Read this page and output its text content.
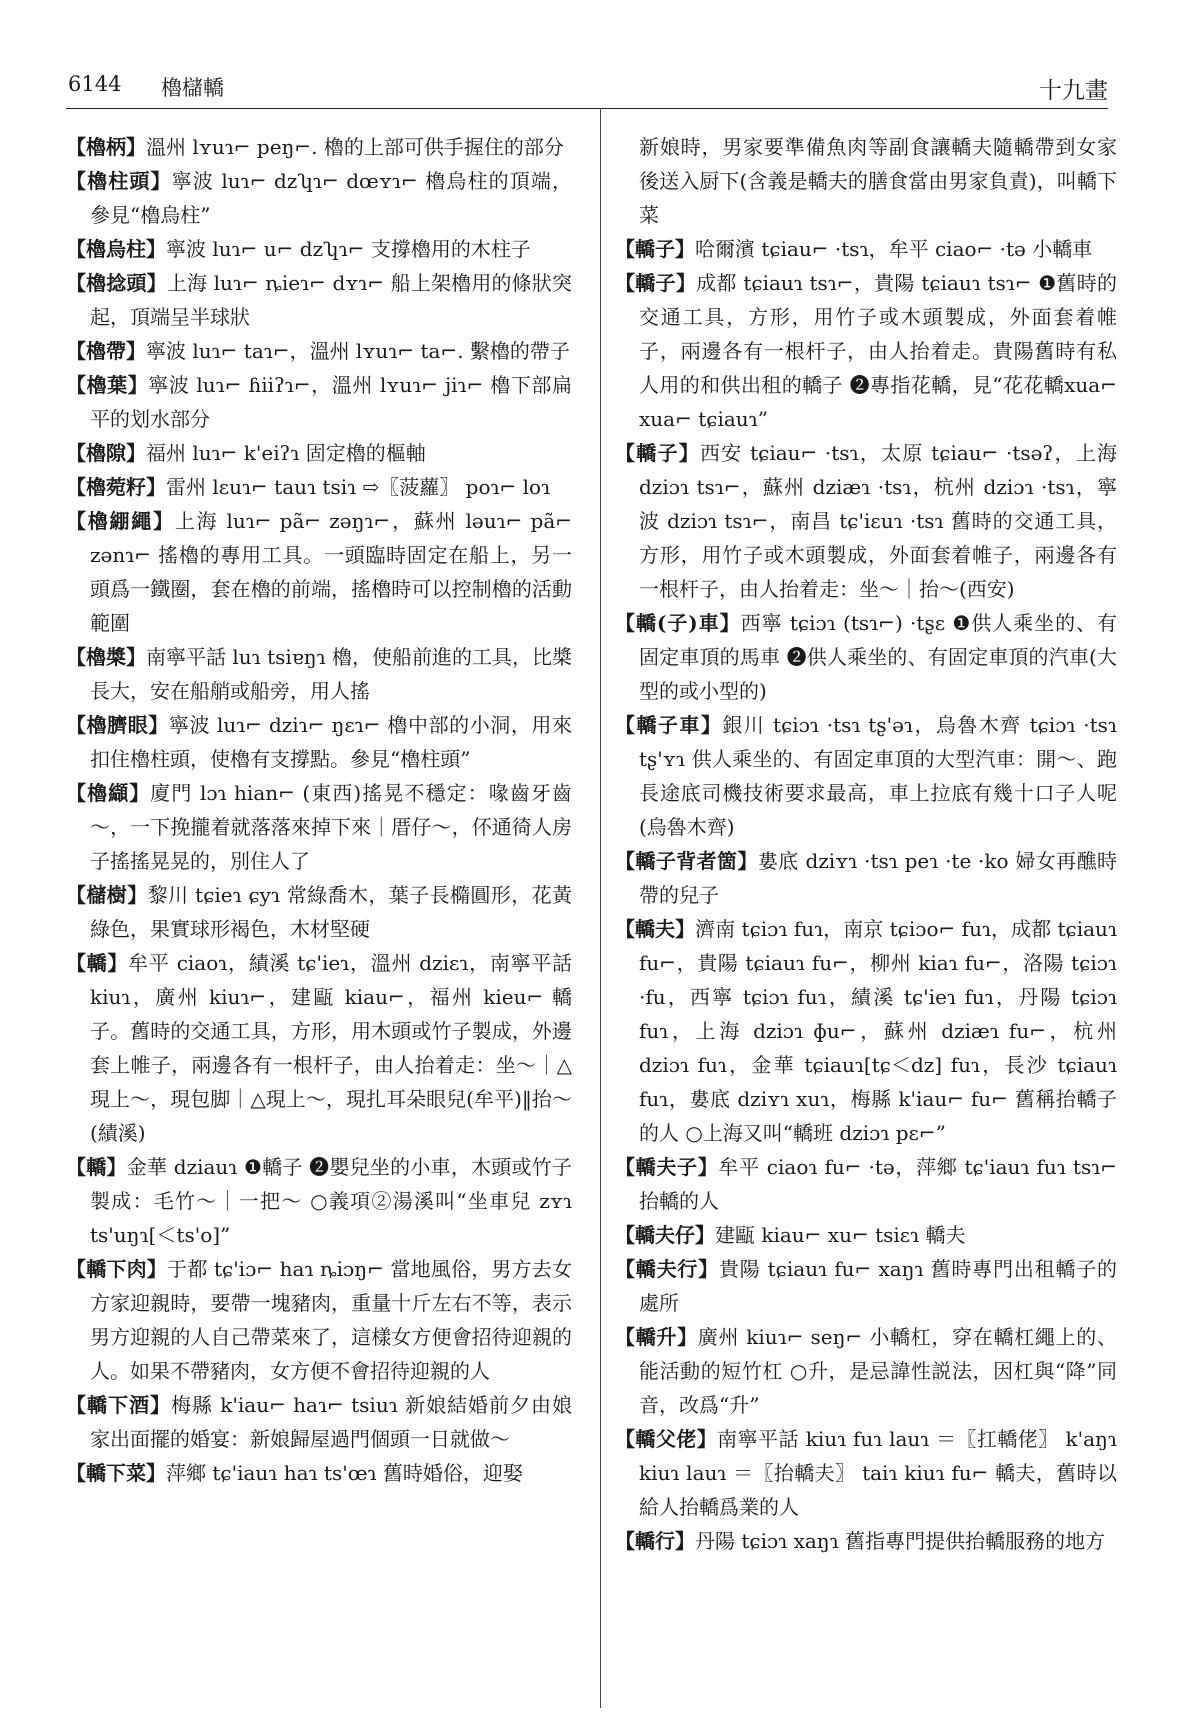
6144 櫓櫧轎	十九畫

【櫓柄】溫州 lʏuɿ⌐ peŋ⌐. 櫓的上部可供手握住的部分

【櫓柱頭】寧波 luɿ⌐ dzʮɿ⌐ dœʏɿ⌐ 櫓烏柱的頂端，參見“櫓烏柱”

【櫓烏柱】寧波 luɿ⌐ u⌐ dzʮɿ⌐ 支撐櫓用的木柱子

【櫓捻頭】上海 luɿ⌐ ȵieɿ⌐ dʏɿ⌐ 船上架櫓用的條狀突起，頂端呈半球狀

【櫓帶】寧波 luɿ⌐ taɿ⌐，溫州 lʏuɿ⌐ ta⌐. 繫櫓的帶子

【櫓葉】寧波 luɿ⌐ ɦiiʔɿ⌐，溫州 lʏuɿ⌐ jiɿ⌐ 櫓下部扁平的划水部分

【櫓隙】福州 luɿ⌐ k'eiʔɿ 固定櫓的樞軸

【櫓菀籽】雷州 lɛuɿ⌐ tauɿ tsiɿ ⇨〖菠蘿〗 poɿ⌐ loɿ

【櫓綳繩】上海 luɿ⌐ pã⌐ zəŋɿ⌐，蘇州 ləuɿ⌐ pã⌐ zənɿ⌐ 搖櫓的專用工具。一頭臨時固定在船上，另一頭爲一鐵圈，套在櫓的前端，搖櫓時可以控制櫓的活動範圍

【櫓槳】南寧平話 luɿ tsiɐŋɿ 櫓，使船前進的工具，比槳長大，安在船艄或船旁，用人搖

【櫓臍眼】寧波 luɿ⌐ dziɿ⌐ ŋɛɿ⌐ 櫓中部的小洞，用來扣住櫓柱頭，使櫓有支撐點。參見“櫓柱頭”

【櫓纈】廈門 lɔɿ hian⌐ (東西)搖晃不穩定：喙齒牙齒～，一下挽攏着就落落來掉下來｜厝仔～，伓通徛人房子搖搖晃晃的，別住人了

【櫧樹】黎川 tɕieɿ ɕyɿ 常綠喬木，葉子長橢圓形，花黃綠色，果實球形褐色，木材堅硬

【轎】牟平 ciaoɿ，績溪 tɕ'ieɿ，溫州 dziɛɿ，南寧平話 kiuɿ，廣州 kiuɿ⌐，建甌 kiau⌐，福州 kieu⌐ 轎子。舊時的交通工具，方形，用木頭或竹子製成，外邊套上帷子，兩邊各有一根杆子，由人抬着走：坐～｜△現上～，現包脚｜△現上～，現扎耳朵眼兒(牟平)‖抬～(績溪)

【轎】金華 dziauɿ ❶轎子 ❷嬰兒坐的小車，木頭或竹子製成：毛竹～｜一把～ ○義項②湯溪叫“坐車兒 zʏɿ ts'uŋɿ[＜ts'o]”

【轎下肉】于都 tɕ'iɔ⌐ haɿ ȵiɔŋ⌐ 當地風俗，男方去女方家迎親時，要帶一塊豬肉，重量十斤左右不等，表示男方迎親的人自己帶菜來了，這樣女方便會招待迎親的人。如果不帶豬肉，女方便不會招待迎親的人

【轎下酒】梅縣 k'iau⌐ haɿ⌐ tsiuɿ 新娘結婚前夕由娘家出面擺的婚宴：新娘歸屋過門個頭一日就做～

【轎下菜】萍鄉 tɕ'iauɿ haɿ ts'œɿ 舊時婚俗，迎娶

新娘時，男家要準備魚肉等副食讓轎夫隨轎帶到女家後送入厨下(含義是轎夫的膳食當由男家負責)，叫轎下菜

【轎子】哈爾濱 tɕiau⌐ ·tsɿ，牟平 ciao⌐ ·tə 小轎車

【轎子】成都 tɕiauɿ tsɿ⌐，貴陽 tɕiauɿ tsɿ⌐ ❶舊時的交通工具，方形，用竹子或木頭製成，外面套着帷子，兩邊各有一根杆子，由人抬着走。貴陽舊時有私人用的和供出租的轎子 ❷專指花轎，見“花花轎xua⌐ xua⌐ tɕiauɿ”

【轎子】西安 tɕiau⌐ ·tsɿ，太原 tɕiau⌐ ·tsəʔ，上海 dziɔɿ tsɿ⌐，蘇州 dziæɿ ·tsɿ，杭州 dziɔɿ ·tsɿ，寧波 dziɔɿ tsɿ⌐，南昌 tɕ'iɛuɿ ·tsɿ 舊時的交通工具，方形，用竹子或木頭製成，外面套着帷子，兩邊各有一根杆子，由人抬着走：坐～｜抬～(西安)

【轎(子)車】西寧 tɕiɔɿ (tsɿ⌐) ·tʂɛ ❶供人乘坐的、有固定車頂的馬車 ❷供人乘坐的、有固定車頂的汽車(大型的或小型的)

【轎子車】銀川 tɕiɔɿ ·tsɿ tʂ'əɿ，烏魯木齊 tɕiɔɿ ·tsɿ tʂ'ʏɿ 供人乘坐的、有固定車頂的大型汽車：開～、跑長途底司機技術要求最高，車上拉底有幾十口子人呢(烏魯木齊)

【轎子背者箇】婁底 dziʏɿ ·tsɿ peɿ ·te ·ko 婦女再醮時帶的兒子

【轎夫】濟南 tɕiɔɿ fuɿ，南京 tɕiɔo⌐ fuɿ，成都 tɕiauɿ fu⌐，貴陽 tɕiauɿ fu⌐，柳州 kiaɿ fu⌐，洛陽 tɕiɔɿ ·fu，西寧 tɕiɔɿ fuɿ，績溪 tɕ'ieɿ fuɿ，丹陽 tɕiɔɿ fuɿ，上海 dziɔɿ ɸu⌐，蘇州 dziæɿ fu⌐，杭州 dziɔɿ fuɿ，金華 tɕiauɿ[tɕ＜dz] fuɿ，長沙 tɕiauɿ fuɿ，婁底 dziʏɿ xuɿ，梅縣 k'iau⌐ fu⌐ 舊稱抬轎子的人 ○上海又叫“轎班 dziɔɿ pɛ⌐”

【轎夫子】牟平 ciaoɿ fu⌐ ·tə，萍鄉 tɕ'iauɿ fuɿ tsɿ⌐ 抬轎的人

【轎夫仔】建甌 kiau⌐ xu⌐ tsiɛɿ 轎夫

【轎夫行】貴陽 tɕiauɿ fu⌐ xaŋɿ 舊時專門出租轎子的處所

【轎升】廣州 kiuɿ⌐ seŋ⌐ 小轎杠，穿在轎杠繩上的、能活動的短竹杠 ○升，是忌諱性説法，因杠與“降”同音，改爲“升”

【轎父佬】南寧平話 kiuɿ fuɿ lauɿ ＝〖扛轎佬〗 k'aŋɿ kiuɿ lauɿ ＝〖抬轎夫〗 taiɿ kiuɿ fu⌐ 轎夫，舊時以給人抬轎爲業的人

【轎行】丹陽 tɕiɔɿ xaŋɿ 舊指專門提供抬轎服務的地方
